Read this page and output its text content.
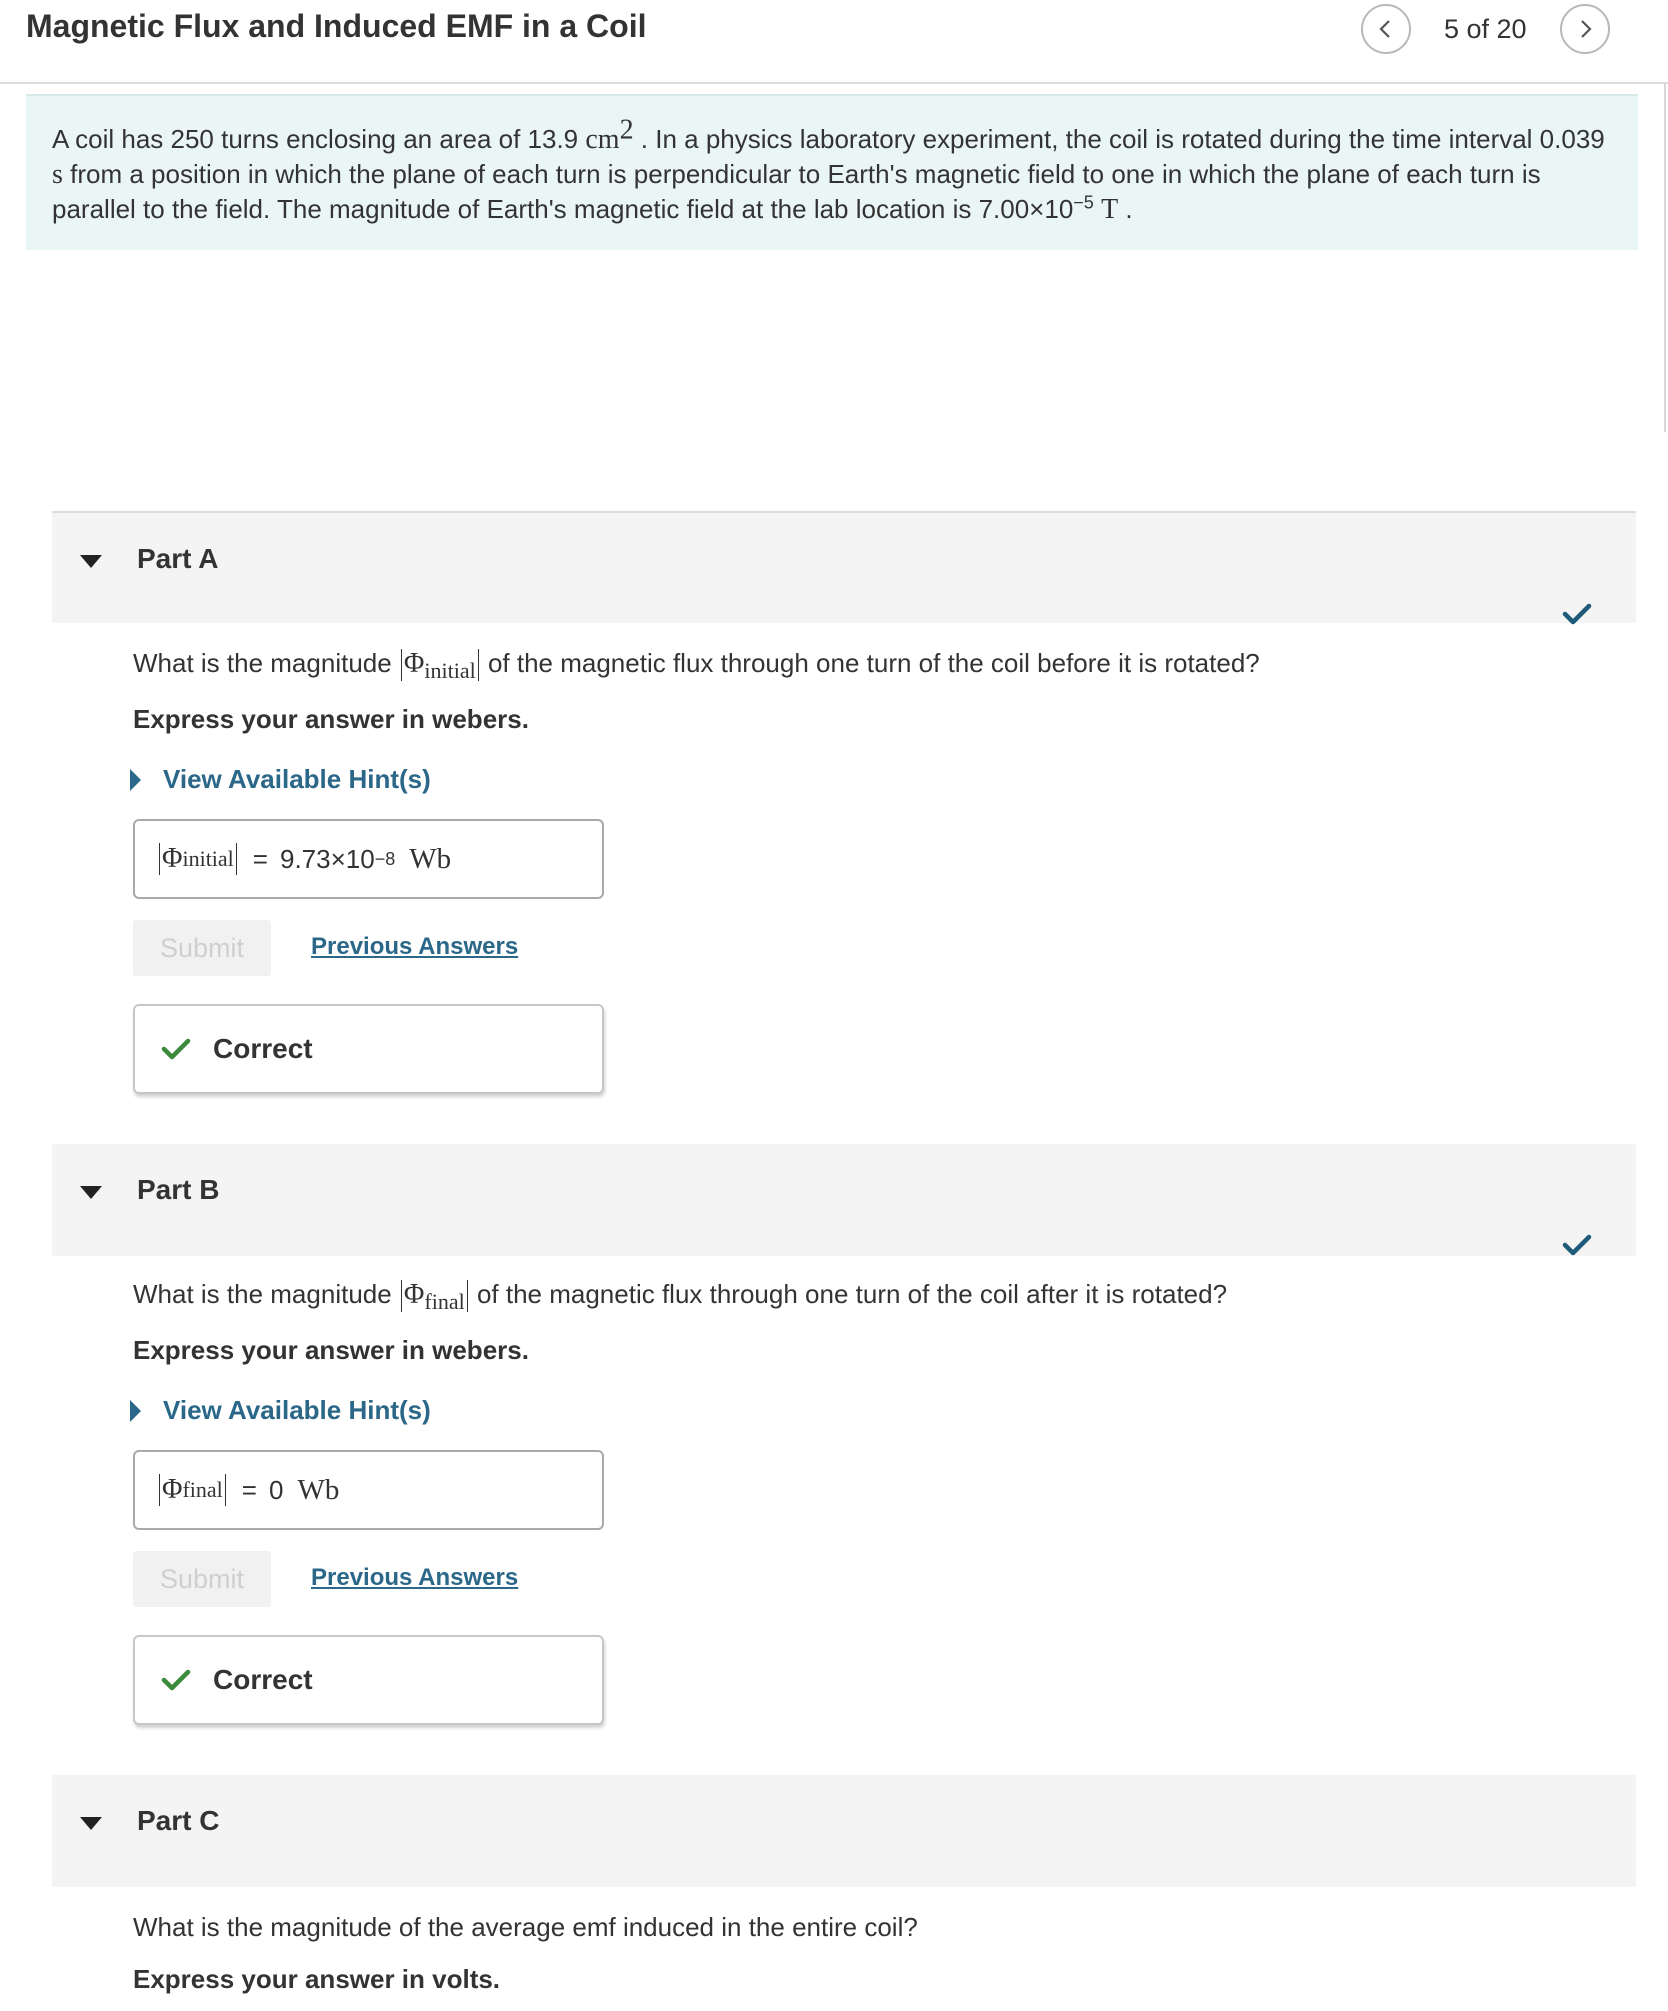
Magnetic Flux and Induced EMF in a Coil	5 of 20
A coil has 250 turns enclosing an area of 13.9 $cm^2$ . In a physics laboratory experiment, the coil is rotated during the time interval 0.039
s from a position in which the plane of each turn is perpendicular to Earth's magnetic field to one in which the plane of each turn is
parallel to the field. The magnitude of Earth's magnetic field at the lab location is $7.00\times 10^{-5}$ T .
Part A
What is the magnitude $\Phi_{initial}$ of the magnetic flux through one turn of the coil before it is rotated?
Express your answer in webers.
View Available Hint(s)
Φ initial = 9.73×10 −8 Wb
Submit	Previous Answers
Correct
Part B
What is the magnitude $\Phi_{final}$ of the magnetic flux through one turn of the coil after it is rotated?
Express your answer in webers.
View Available Hint(s)
Φ final = 0 Wb
Submit	Previous Answers
Correct
Part C
What is the magnitude of the average emf induced in the entire coil?
Express your answer in volts.
